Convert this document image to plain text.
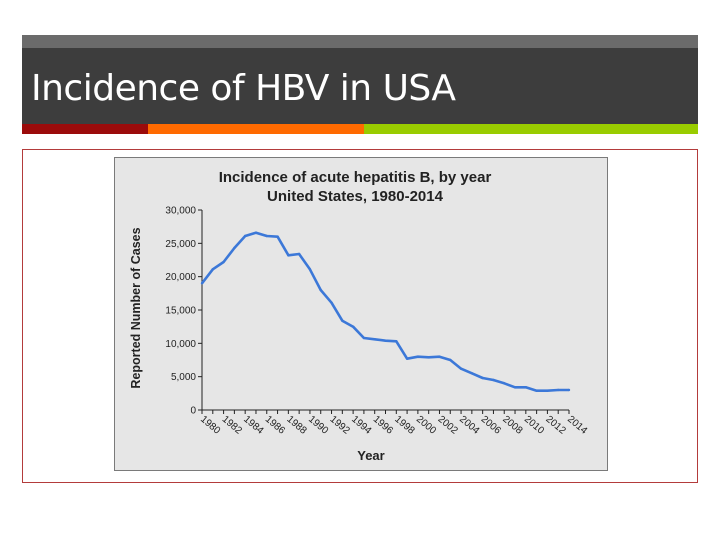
Incidence of HBV in USA
Incidence of acute hepatitis B, by year
United States, 1980-2014
Reported Number of Cases
Year
0
5,000
10,000
15,000
20,000
25,000
30,000
1980
1982
1984
1986
1988
1990
1992
1994
1996
1998
2000
2002
2004
2006
2008
2010
2012
2014
